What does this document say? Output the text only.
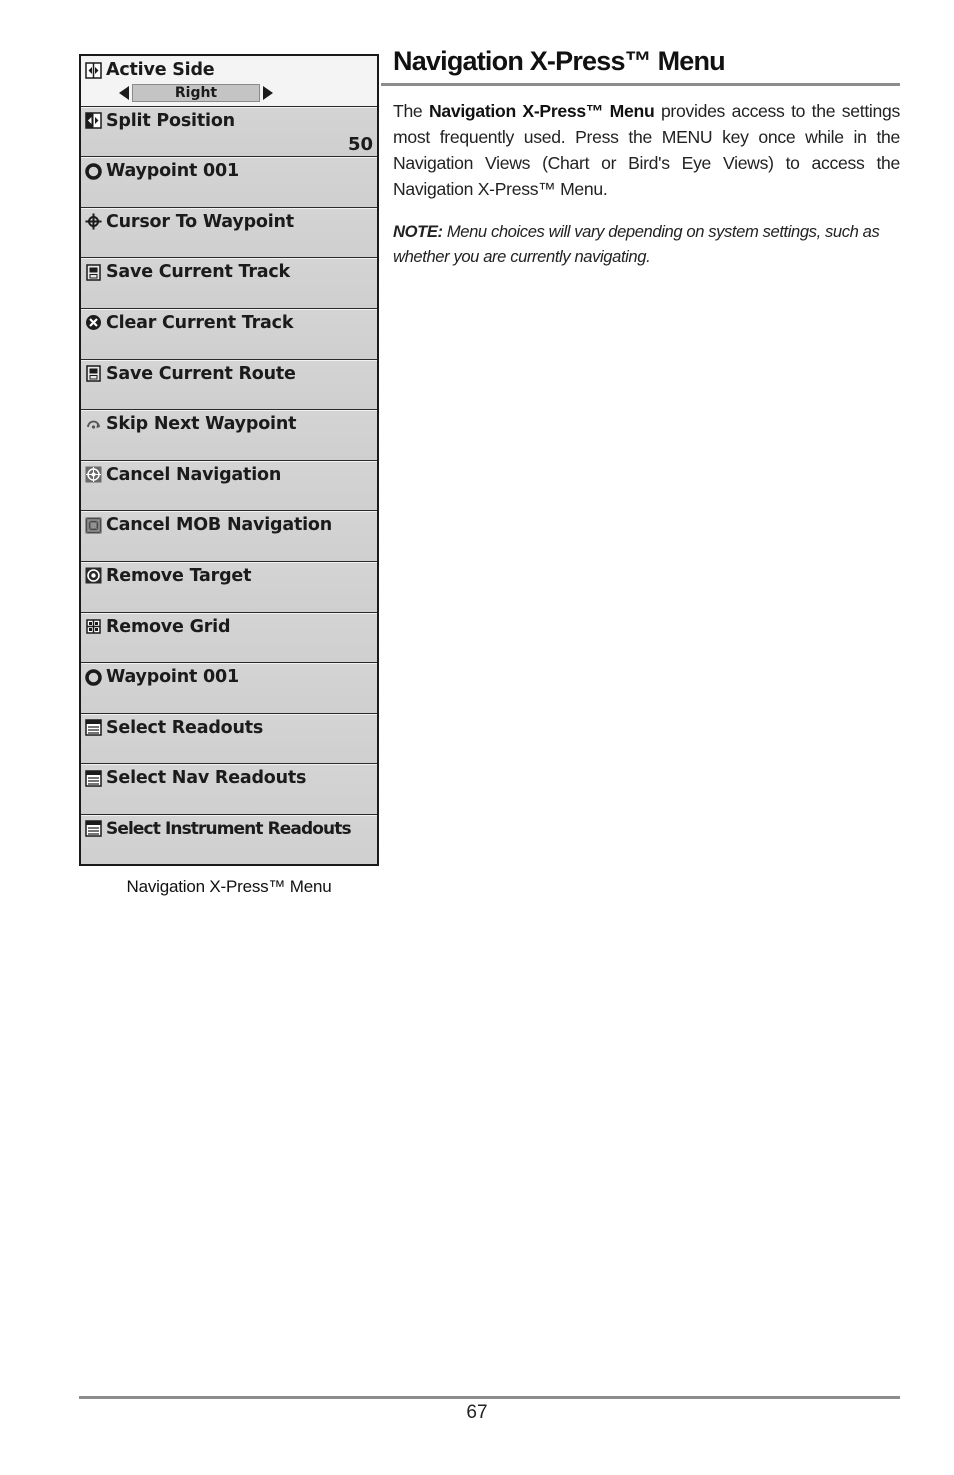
Active Side
Right
Split Position
50
Waypoint 001
Cursor To Waypoint
Save Current Track
Clear Current Track
Save Current Route
Skip Next Waypoint
Cancel Navigation
Cancel MOB Navigation
Remove Target
Remove Grid
Waypoint 001
Select Readouts
Select Nav Readouts
Select Instrument Readouts
Navigation X-Press™ Menu
Navigation X-Press™ Menu

The Navigation X-Press™ Menu provides access to the settings most frequently used. Press the MENU key once while in the Navigation Views (Chart or Bird's Eye Views) to access the Navigation X-Press™ Menu.

NOTE: Menu choices will vary depending on system settings, such as whether you are currently navigating.

67
